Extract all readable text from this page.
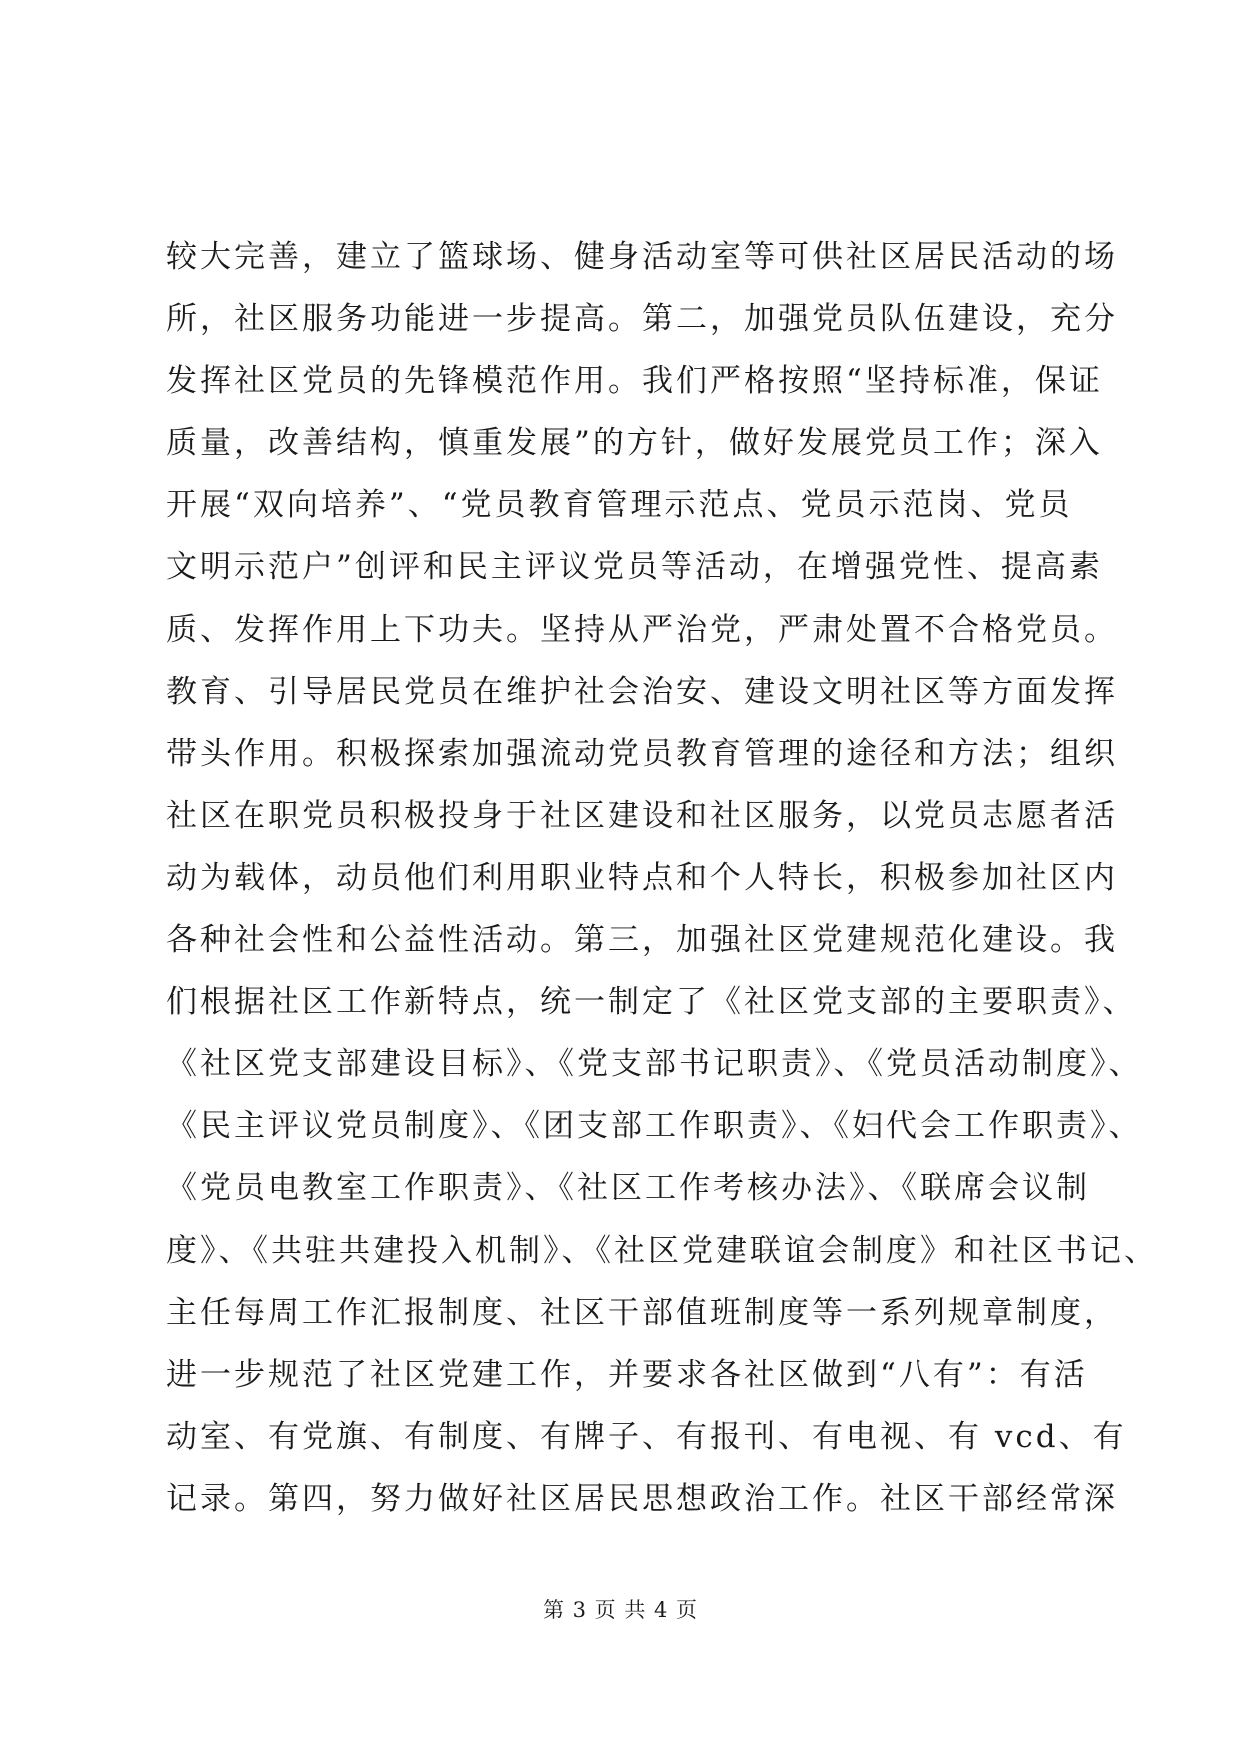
较大完善，建立了篮球场、健身活动室等可供社区居民活动的场
所，社区服务功能进一步提高。第二，加强党员队伍建设，充分
发挥社区党员的先锋模范作用。我们严格按照“坚持标准，保证
质量，改善结构，慎重发展”的方针，做好发展党员工作；深入
开展“双向培养”、“党员教育管理示范点、党员示范岗、党员
文明示范户”创评和民主评议党员等活动，在增强党性、提高素
质、发挥作用上下功夫。坚持从严治党，严肃处置不合格党员。
教育、引导居民党员在维护社会治安、建设文明社区等方面发挥
带头作用。积极探索加强流动党员教育管理的途径和方法；组织
社区在职党员积极投身于社区建设和社区服务，以党员志愿者活
动为载体，动员他们利用职业特点和个人特长，积极参加社区内
各种社会性和公益性活动。第三，加强社区党建规范化建设。我
们根据社区工作新特点，统一制定了《社区党支部的主要职责》、
《社区党支部建设目标》、《党支部书记职责》、《党员活动制度》、
《民主评议党员制度》、《团支部工作职责》、《妇代会工作职责》、
《党员电教室工作职责》、《社区工作考核办法》、《联席会议制
度》、《共驻共建投入机制》、《社区党建联谊会制度》和社区书记、
主任每周工作汇报制度、社区干部值班制度等一系列规章制度，
进一步规范了社区党建工作，并要求各社区做到“八有”：有活
动室、有党旗、有制度、有牌子、有报刊、有电视、有 vcd、有
记录。第四，努力做好社区居民思想政治工作。社区干部经常深
第 3 页 共 4 页
